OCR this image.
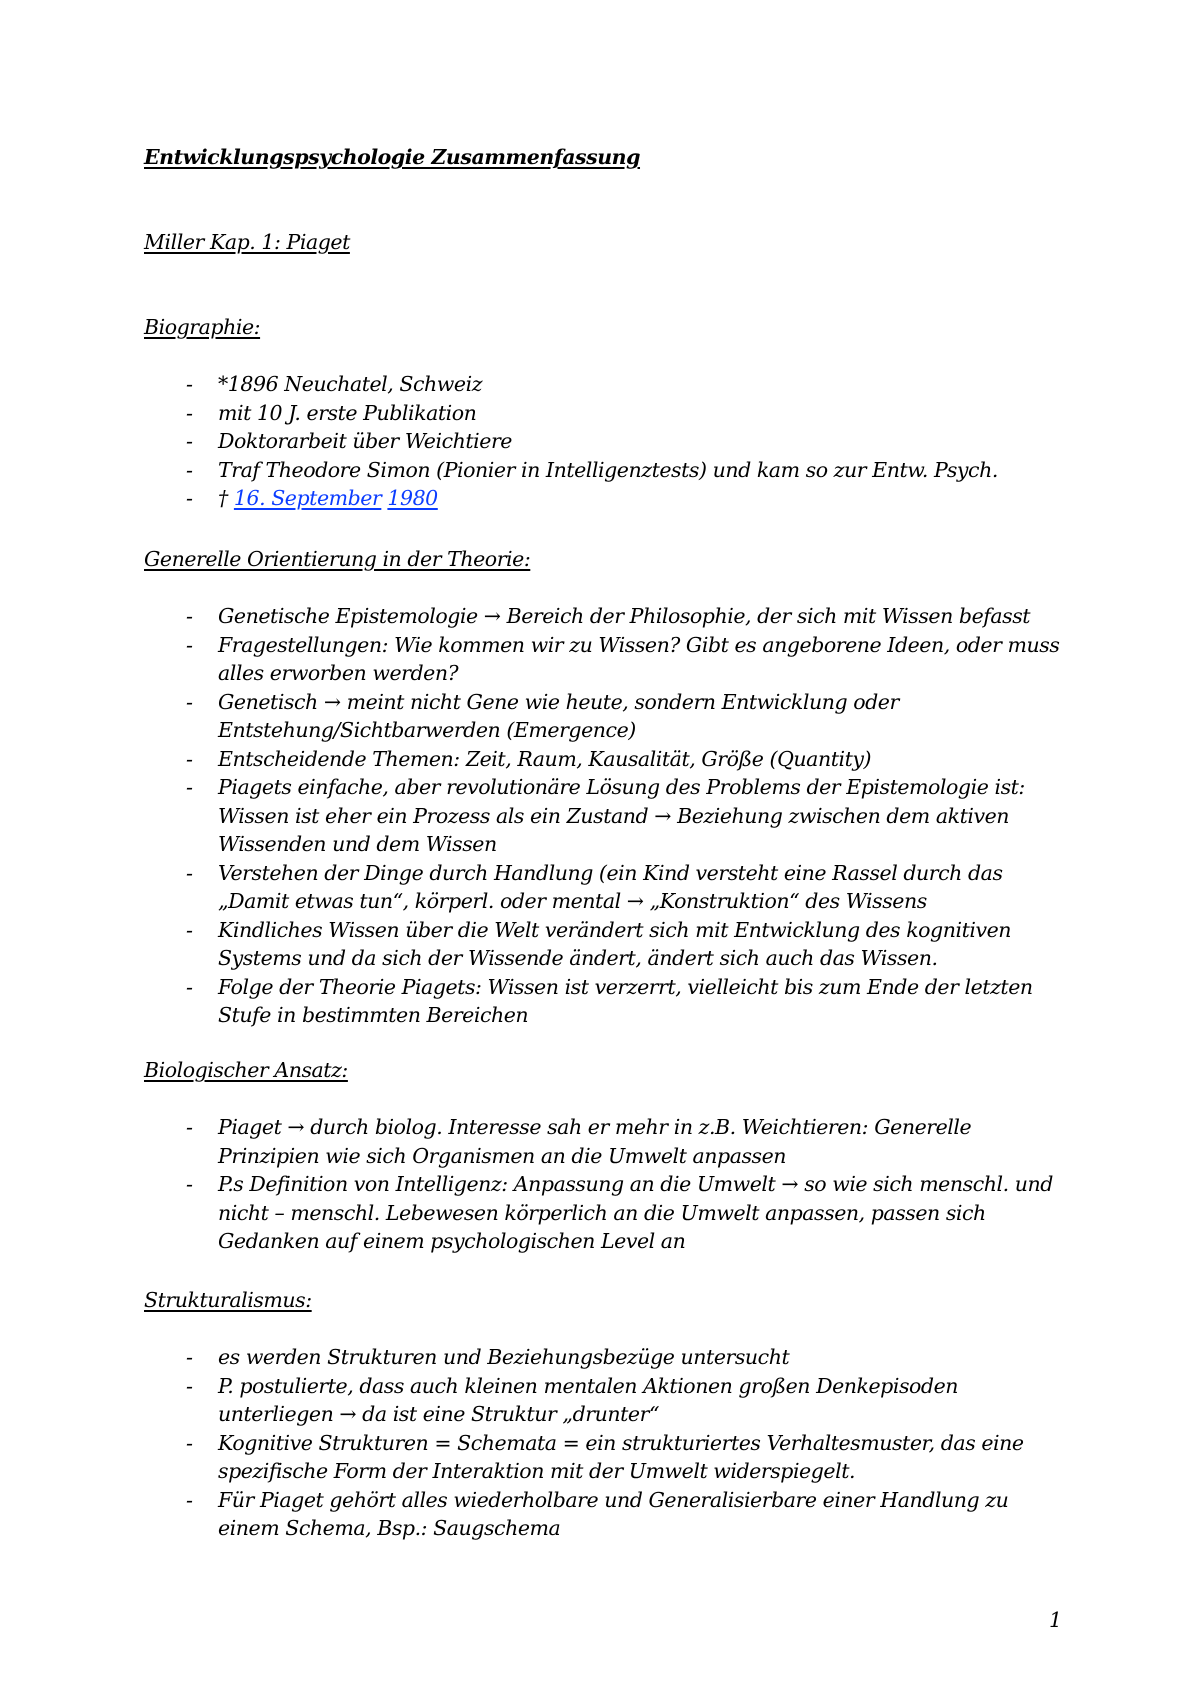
Entwicklungspsychologie Zusammenfassung
Miller Kap. 1: Piaget
Biographie:
- *1896 Neuchatel, Schweiz
- mit 10 J. erste Publikation
- Doktorarbeit über Weichtiere
- Traf Theodore Simon (Pionier in Intelligenztests) und kam so zur Entw. Psych.
- † 16. September 1980
Generelle Orientierung in der Theorie:
- Genetische Epistemologie → Bereich der Philosophie, der sich mit Wissen befasst
- Fragestellungen: Wie kommen wir zu Wissen? Gibt es angeborene Ideen, oder muss
alles erworben werden?
- Genetisch → meint nicht Gene wie heute, sondern Entwicklung oder
Entstehung/Sichtbarwerden (Emergence)
- Entscheidende Themen: Zeit, Raum, Kausalität, Größe (Quantity)
- Piagets einfache, aber revolutionäre Lösung des Problems der Epistemologie ist:
Wissen ist eher ein Prozess als ein Zustand → Beziehung zwischen dem aktiven
Wissenden und dem Wissen
- Verstehen der Dinge durch Handlung (ein Kind versteht eine Rassel durch das
„Damit etwas tun“, körperl. oder mental → „Konstruktion“ des Wissens
- Kindliches Wissen über die Welt verändert sich mit Entwicklung des kognitiven
Systems und da sich der Wissende ändert, ändert sich auch das Wissen.
- Folge der Theorie Piagets: Wissen ist verzerrt, vielleicht bis zum Ende der letzten
Stufe in bestimmten Bereichen
Biologischer Ansatz:
- Piaget → durch biolog. Interesse sah er mehr in z.B. Weichtieren: Generelle
Prinzipien wie sich Organismen an die Umwelt anpassen
- P.s Definition von Intelligenz: Anpassung an die Umwelt → so wie sich menschl. und
nicht – menschl. Lebewesen körperlich an die Umwelt anpassen, passen sich
Gedanken auf einem psychologischen Level an
Strukturalismus:
- es werden Strukturen und Beziehungsbezüge untersucht
- P. postulierte, dass auch kleinen mentalen Aktionen großen Denkepisoden
unterliegen → da ist eine Struktur „drunter“
- Kognitive Strukturen = Schemata = ein strukturiertes Verhaltesmuster, das eine
spezifische Form der Interaktion mit der Umwelt widerspiegelt.
- Für Piaget gehört alles wiederholbare und Generalisierbare einer Handlung zu
einem Schema, Bsp.: Saugschema
1
